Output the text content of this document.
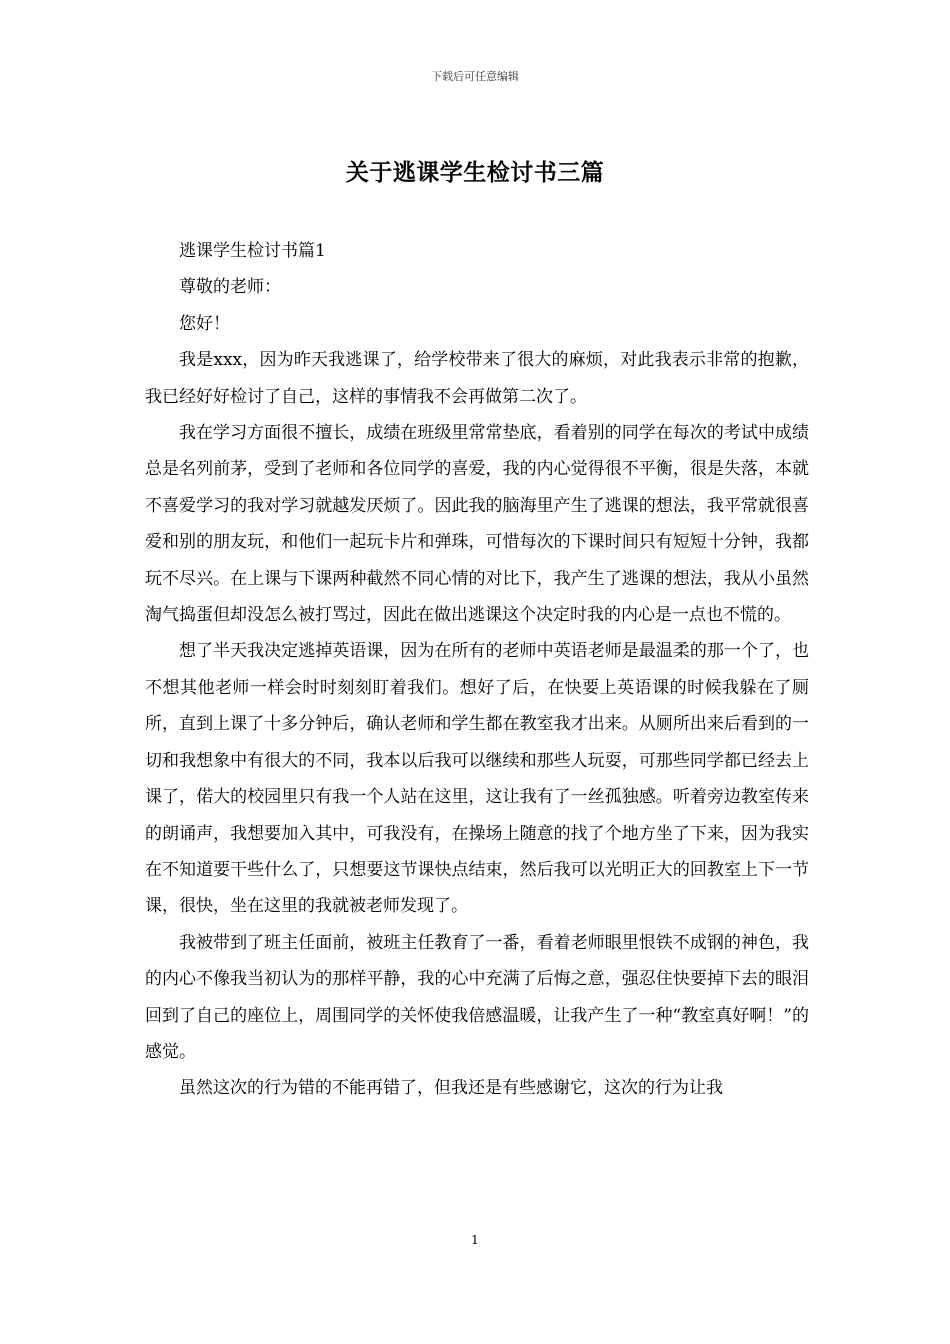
下载后可任意编辑
关于逃课学生检讨书三篇

逃课学生检讨书篇1

尊敬的老师：

您好！

我是xxx，因为昨天我逃课了，给学校带来了很大的麻烦，对此我表示非常的抱歉，我已经好好检讨了自己，这样的事情我不会再做第二次了。

我在学习方面很不擅长，成绩在班级里常常垫底，看着别的同学在每次的考试中成绩总是名列前茅，受到了老师和各位同学的喜爱，我的内心觉得很不平衡，很是失落，本就不喜爱学习的我对学习就越发厌烦了。因此我的脑海里产生了逃课的想法，我平常就很喜爱和别的朋友玩，和他们一起玩卡片和弹珠，可惜每次的下课时间只有短短十分钟，我都玩不尽兴。在上课与下课两种截然不同心情的对比下，我产生了逃课的想法，我从小虽然淘气捣蛋但却没怎么被打骂过，因此在做出逃课这个决定时我的内心是一点也不慌的。

想了半天我决定逃掉英语课，因为在所有的老师中英语老师是最温柔的那一个了，也不想其他老师一样会时时刻刻盯着我们。想好了后，在快要上英语课的时候我躲在了厕所，直到上课了十多分钟后，确认老师和学生都在教室我才出来。从厕所出来后看到的一切和我想象中有很大的不同，我本以后我可以继续和那些人玩耍，可那些同学都已经去上课了，偌大的校园里只有我一个人站在这里，这让我有了一丝孤独感。听着旁边教室传来的朗诵声，我想要加入其中，可我没有，在操场上随意的找了个地方坐了下来，因为我实在不知道要干些什么了，只想要这节课快点结束，然后我可以光明正大的回教室上下一节课，很快，坐在这里的我就被老师发现了。

我被带到了班主任面前，被班主任教育了一番，看着老师眼里恨铁不成钢的神色，我的内心不像我当初认为的那样平静，我的心中充满了后悔之意，强忍住快要掉下去的眼泪回到了自己的座位上，周围同学的关怀使我倍感温暖，让我产生了一种“教室真好啊！”的感觉。

虽然这次的行为错的不能再错了，但我还是有些感谢它，这次的行为让我

1
